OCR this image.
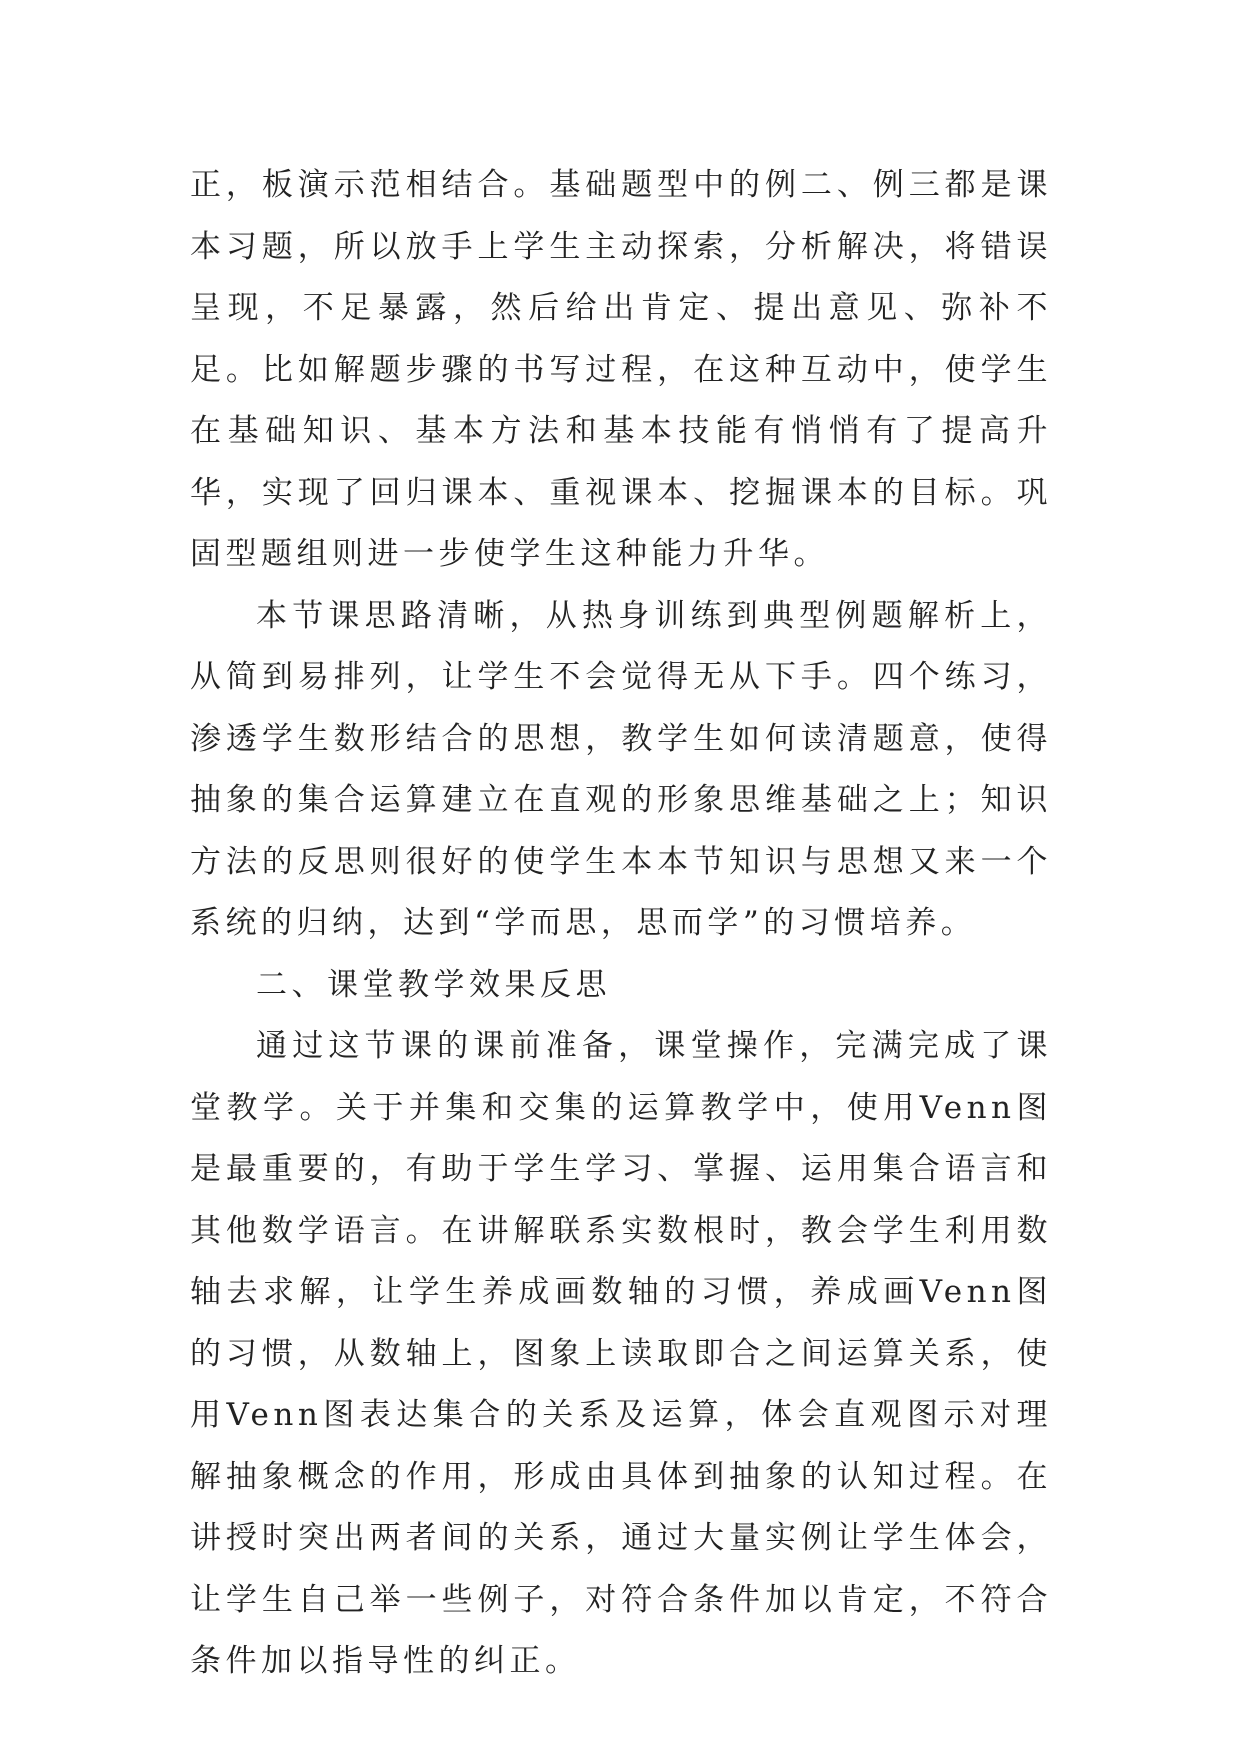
正，板演示范相结合。基础题型中的例二、例三都是课本习题，所以放手上学生主动探索，分析解决，将错误呈现，不足暴露，然后给出肯定、提出意见、弥补不足。比如解题步骤的书写过程，在这种互动中，使学生在基础知识、基本方法和基本技能有悄悄有了提高升华，实现了回归课本、重视课本、挖掘课本的目标。巩固型题组则进一步使学生这种能力升华。

本节课思路清晰，从热身训练到典型例题解析上，从简到易排列，让学生不会觉得无从下手。四个练习，渗透学生数形结合的思想，教学生如何读清题意，使得抽象的集合运算建立在直观的形象思维基础之上；知识方法的反思则很好的使学生本本节知识与思想又来一个系统的归纳，达到“学而思，思而学”的习惯培养。

二、课堂教学效果反思

通过这节课的课前准备，课堂操作，完满完成了课堂教学。关于并集和交集的运算教学中，使用Venn图是最重要的，有助于学生学习、掌握、运用集合语言和其他数学语言。在讲解联系实数根时，教会学生利用数轴去求解，让学生养成画数轴的习惯，养成画Venn图的习惯，从数轴上，图象上读取即合之间运算关系，使用Venn图表达集合的关系及运算，体会直观图示对理解抽象概念的作用，形成由具体到抽象的认知过程。在讲授时突出两者间的关系，通过大量实例让学生体会，让学生自己举一些例子，对符合条件加以肯定，不符合条件加以指导性的纠正。
